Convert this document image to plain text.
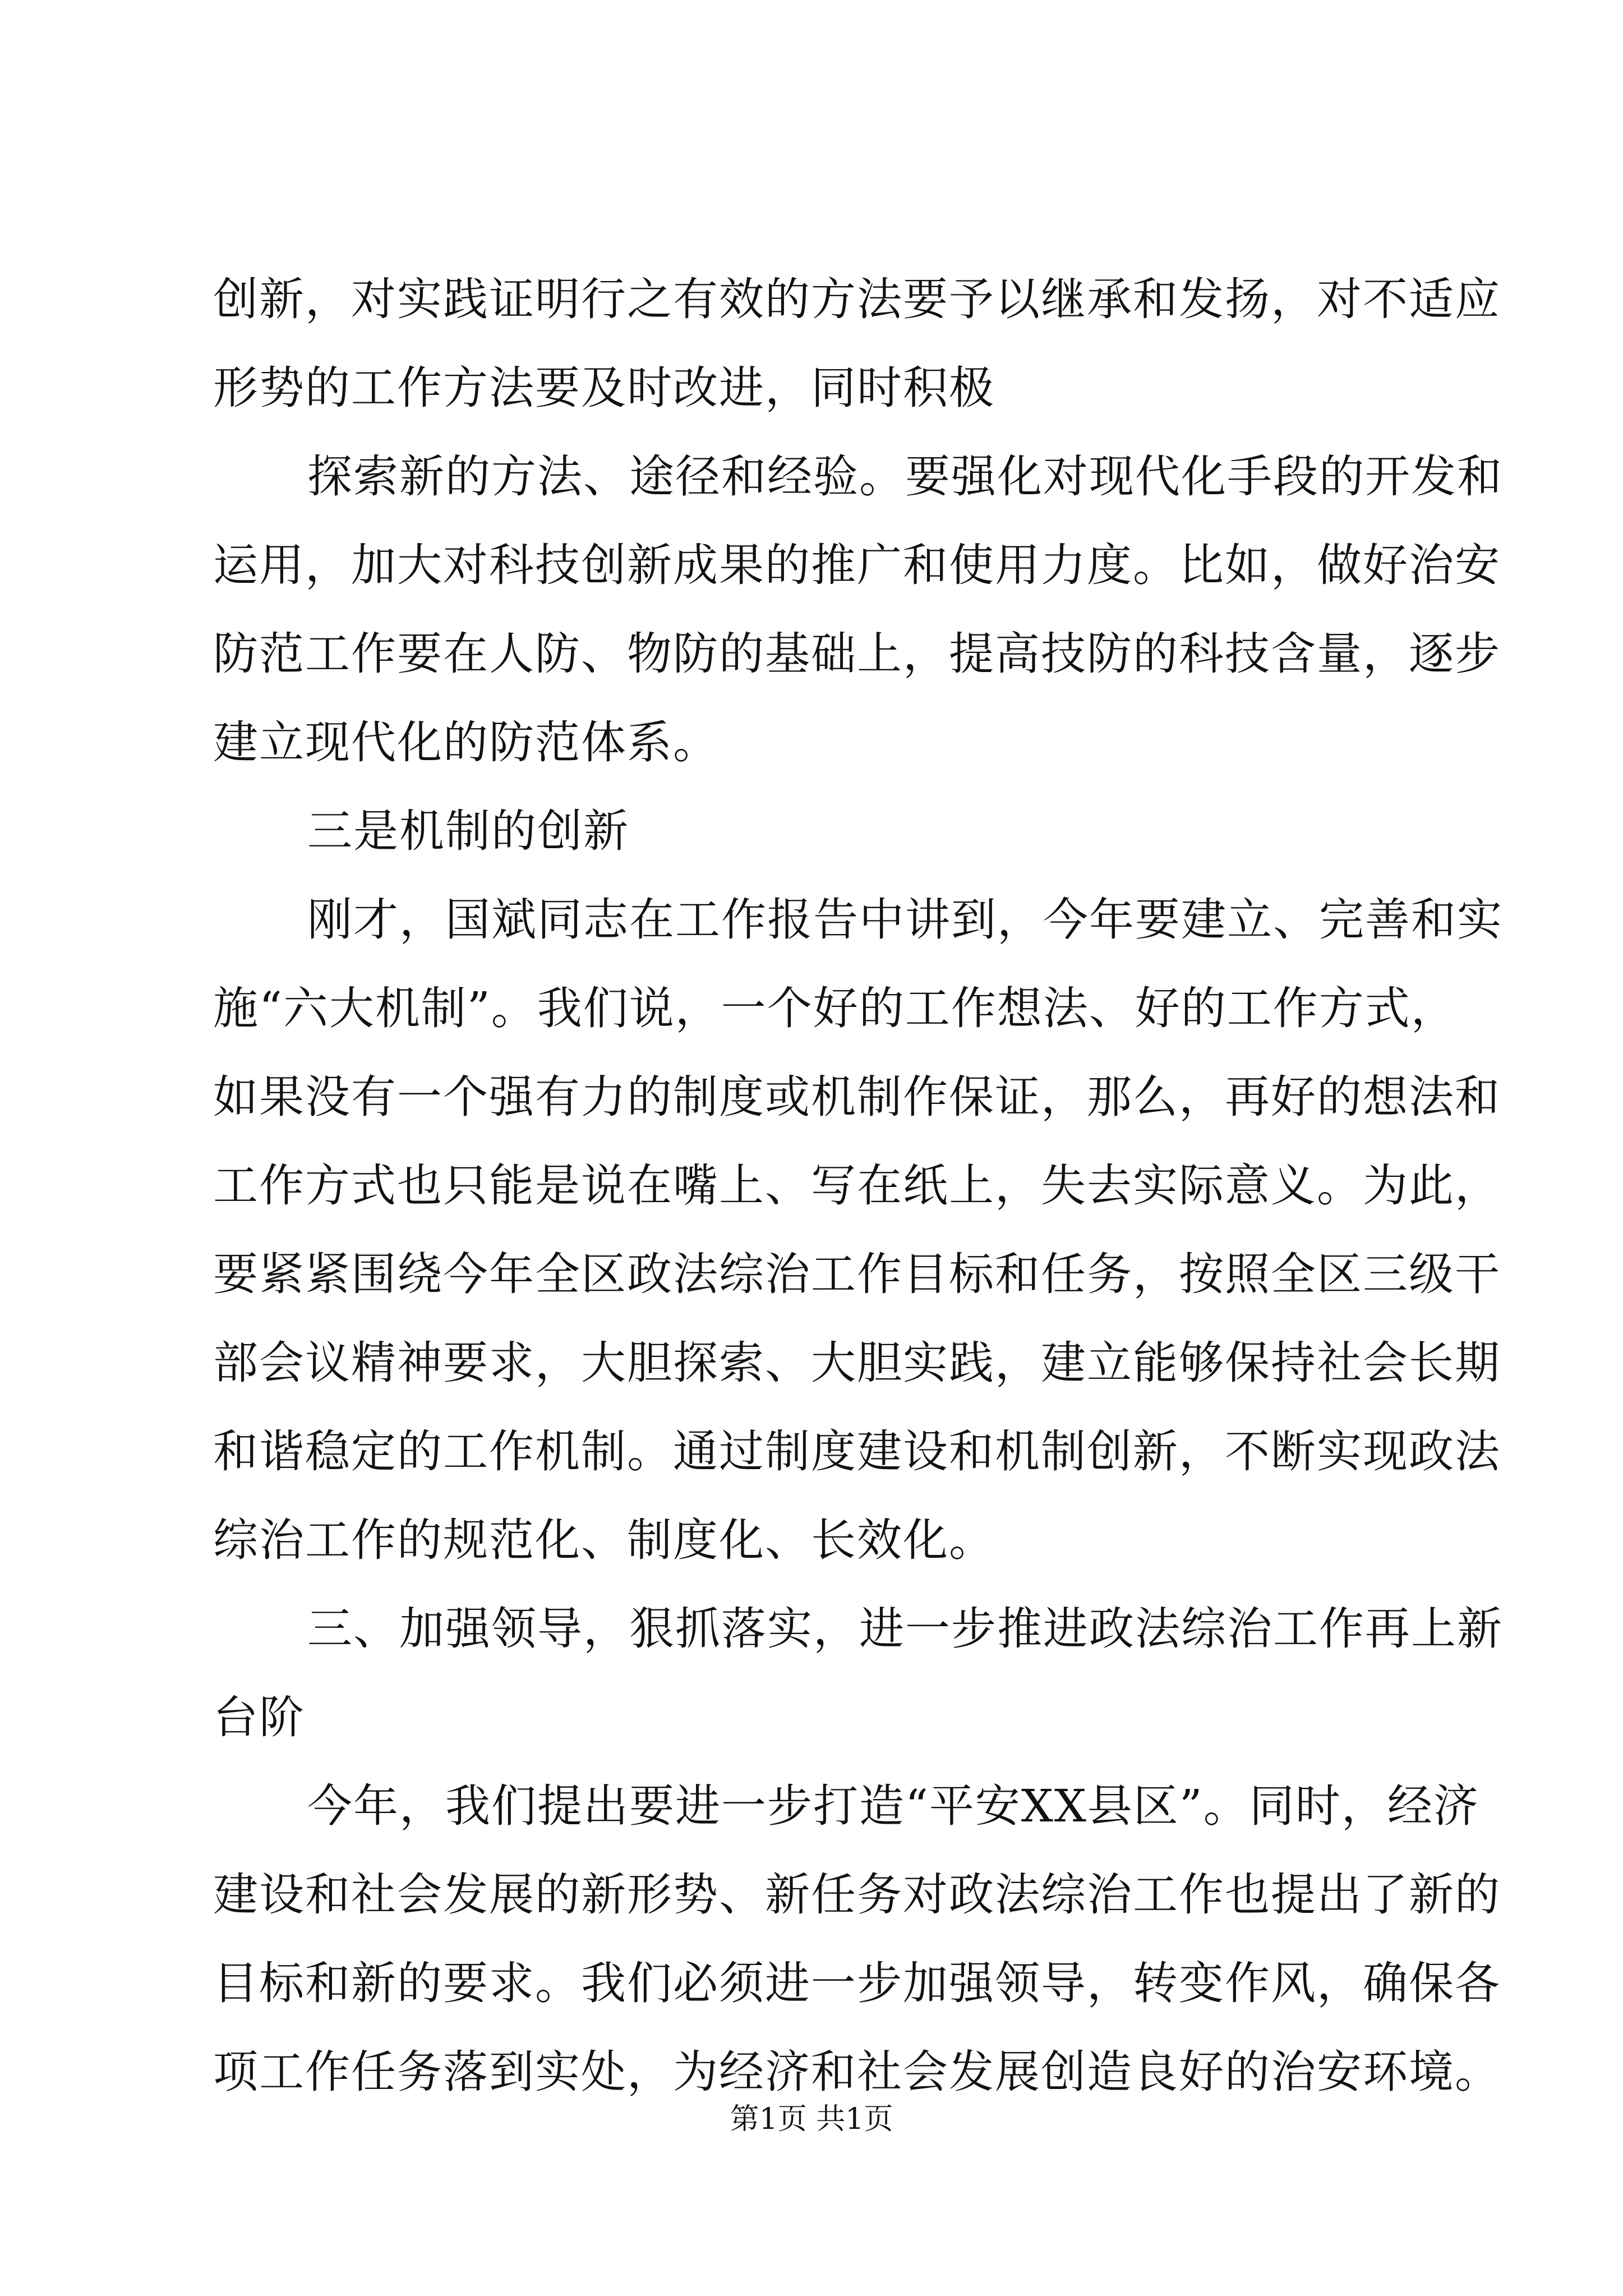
创新，对实践证明行之有效的方法要予以继承和发扬，对不适应
形势的工作方法要及时改进，同时积极
探索新的方法、途径和经验。要强化对现代化手段的开发和
运用，加大对科技创新成果的推广和使用力度。比如，做好治安
防范工作要在人防、物防的基础上，提高技防的科技含量，逐步
建立现代化的防范体系。
三是机制的创新
刚才，国斌同志在工作报告中讲到，今年要建立、完善和实
施“六大机制”。我们说，一个好的工作想法、好的工作方式，
如果没有一个强有力的制度或机制作保证，那么，再好的想法和
工作方式也只能是说在嘴上、写在纸上，失去实际意义。为此，
要紧紧围绕今年全区政法综治工作目标和任务，按照全区三级干
部会议精神要求，大胆探索、大胆实践，建立能够保持社会长期
和谐稳定的工作机制。通过制度建设和机制创新，不断实现政法
综治工作的规范化、制度化、长效化。
三、加强领导，狠抓落实，进一步推进政法综治工作再上新
台阶
今年，我们提出要进一步打造“平安XX县区”。同时，经济
建设和社会发展的新形势、新任务对政法综治工作也提出了新的
目标和新的要求。我们必须进一步加强领导，转变作风，确保各
项工作任务落到实处，为经济和社会发展创造良好的治安环境。
第1页 共1页
